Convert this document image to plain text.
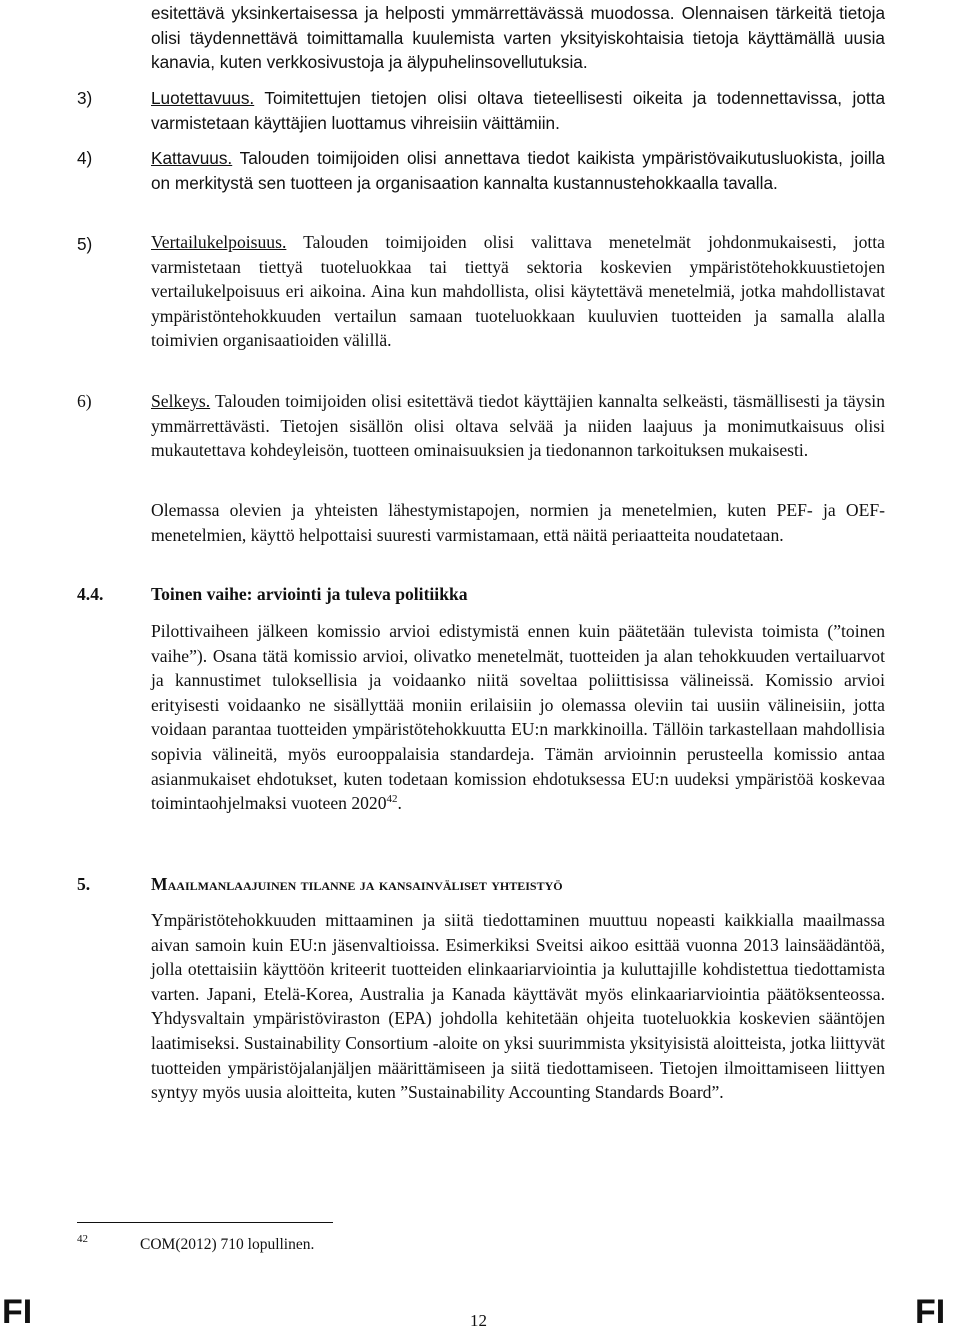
esitettävä yksinkertaisessa ja helposti ymmärrettävässä muodossa. Olennaisen tärkeitä tietoja olisi täydennettävä toimittamalla kuulemista varten yksityiskohtaisia tietoja käyttämällä uusia kanavia, kuten verkkosivustoja ja älypuhelinsovellutuksia.

3)	Luotettavuus. Toimitettujen tietojen olisi oltava tieteellisesti oikeita ja todennettavissa, jotta varmistetaan käyttäjien luottamus vihreisiin väittämiin.

4)	Kattavuus. Talouden toimijoiden olisi annettava tiedot kaikista ympäristövaikutusluokista, joilla on merkitystä sen tuotteen ja organisaation kannalta kustannustehokkaalla tavalla.

5)	Vertailukelpoisuus. Talouden toimijoiden olisi valittava menetelmät johdonmukaisesti, jotta varmistetaan tiettyä tuoteluokkaa tai tiettyä sektoria koskevien ympäristötehokkuustietojen vertailukelpoisuus eri aikoina. Aina kun mahdollista, olisi käytettävä menetelmiä, jotka mahdollistavat ympäristöntehokkuuden vertailun samaan tuoteluokkaan kuuluvien tuotteiden ja samalla alalla toimivien organisaatioiden välillä.

6)	Selkeys. Talouden toimijoiden olisi esitettävä tiedot käyttäjien kannalta selkeästi, täsmällisesti ja täysin ymmärrettävästi. Tietojen sisällön olisi oltava selvää ja niiden laajuus ja monimutkaisuus olisi mukautettava kohdeyleisön, tuotteen ominaisuuksien ja tiedonannon tarkoituksen mukaisesti.

Olemassa olevien ja yhteisten lähestymistapojen, normien ja menetelmien, kuten PEF- ja OEF-menetelmien, käyttö helpottaisi suuresti varmistamaan, että näitä periaatteita noudatetaan.

4.4.	Toinen vaihe: arviointi ja tuleva politiikka

Pilottivaiheen jälkeen komissio arvioi edistymistä ennen kuin päätetään tulevista toimista (”toinen vaihe”). Osana tätä komissio arvioi, olivatko menetelmät, tuotteiden ja alan tehokkuuden vertailuarvot ja kannustimet tuloksellisia ja voidaanko niitä soveltaa poliittisissa välineissä. Komissio arvioi erityisesti voidaanko ne sisällyttää moniin erilaisiin jo olemassa oleviin tai uusiin välineisiin, jotta voidaan parantaa tuotteiden ympäristötehokkuutta EU:n markkinoilla. Tällöin tarkastellaan mahdollisia sopivia välineitä, myös eurooppalaisia standardeja. Tämän arvioinnin perusteella komissio antaa asianmukaiset ehdotukset, kuten todetaan komission ehdotuksessa EU:n uudeksi ympäristöä koskevaa toimintaohjelmaksi vuoteen 2020$^{42}$.

5.	Maailmanlaajuinen tilanne ja kansainväliset yhteistyö

Ympäristötehokkuuden mittaaminen ja siitä tiedottaminen muuttuu nopeasti kaikkialla maailmassa aivan samoin kuin EU:n jäsenvaltioissa. Esimerkiksi Sveitsi aikoo esittää vuonna 2013 lainsäädäntöä, jolla otettaisiin käyttöön kriteerit tuotteiden elinkaariarviointia ja kuluttajille kohdistettua tiedottamista varten. Japani, Etelä-Korea, Australia ja Kanada käyttävät myös elinkaariarviointia päätöksenteossa. Yhdysvaltain ympäristöviraston (EPA) johdolla kehitetään ohjeita tuoteluokkia koskevien sääntöjen laatimiseksi. Sustainability Consortium -aloite on yksi suurimmista yksityisistä aloitteista, jotka liittyvät tuotteiden ympäristöjalanjäljen määrittämiseen ja siitä tiedottamiseen. Tietojen ilmoittamiseen liittyen syntyy myös uusia aloitteita, kuten ”Sustainability Accounting Standards Board”.

42	COM(2012) 710 lopullinen.
FI	12	FI
